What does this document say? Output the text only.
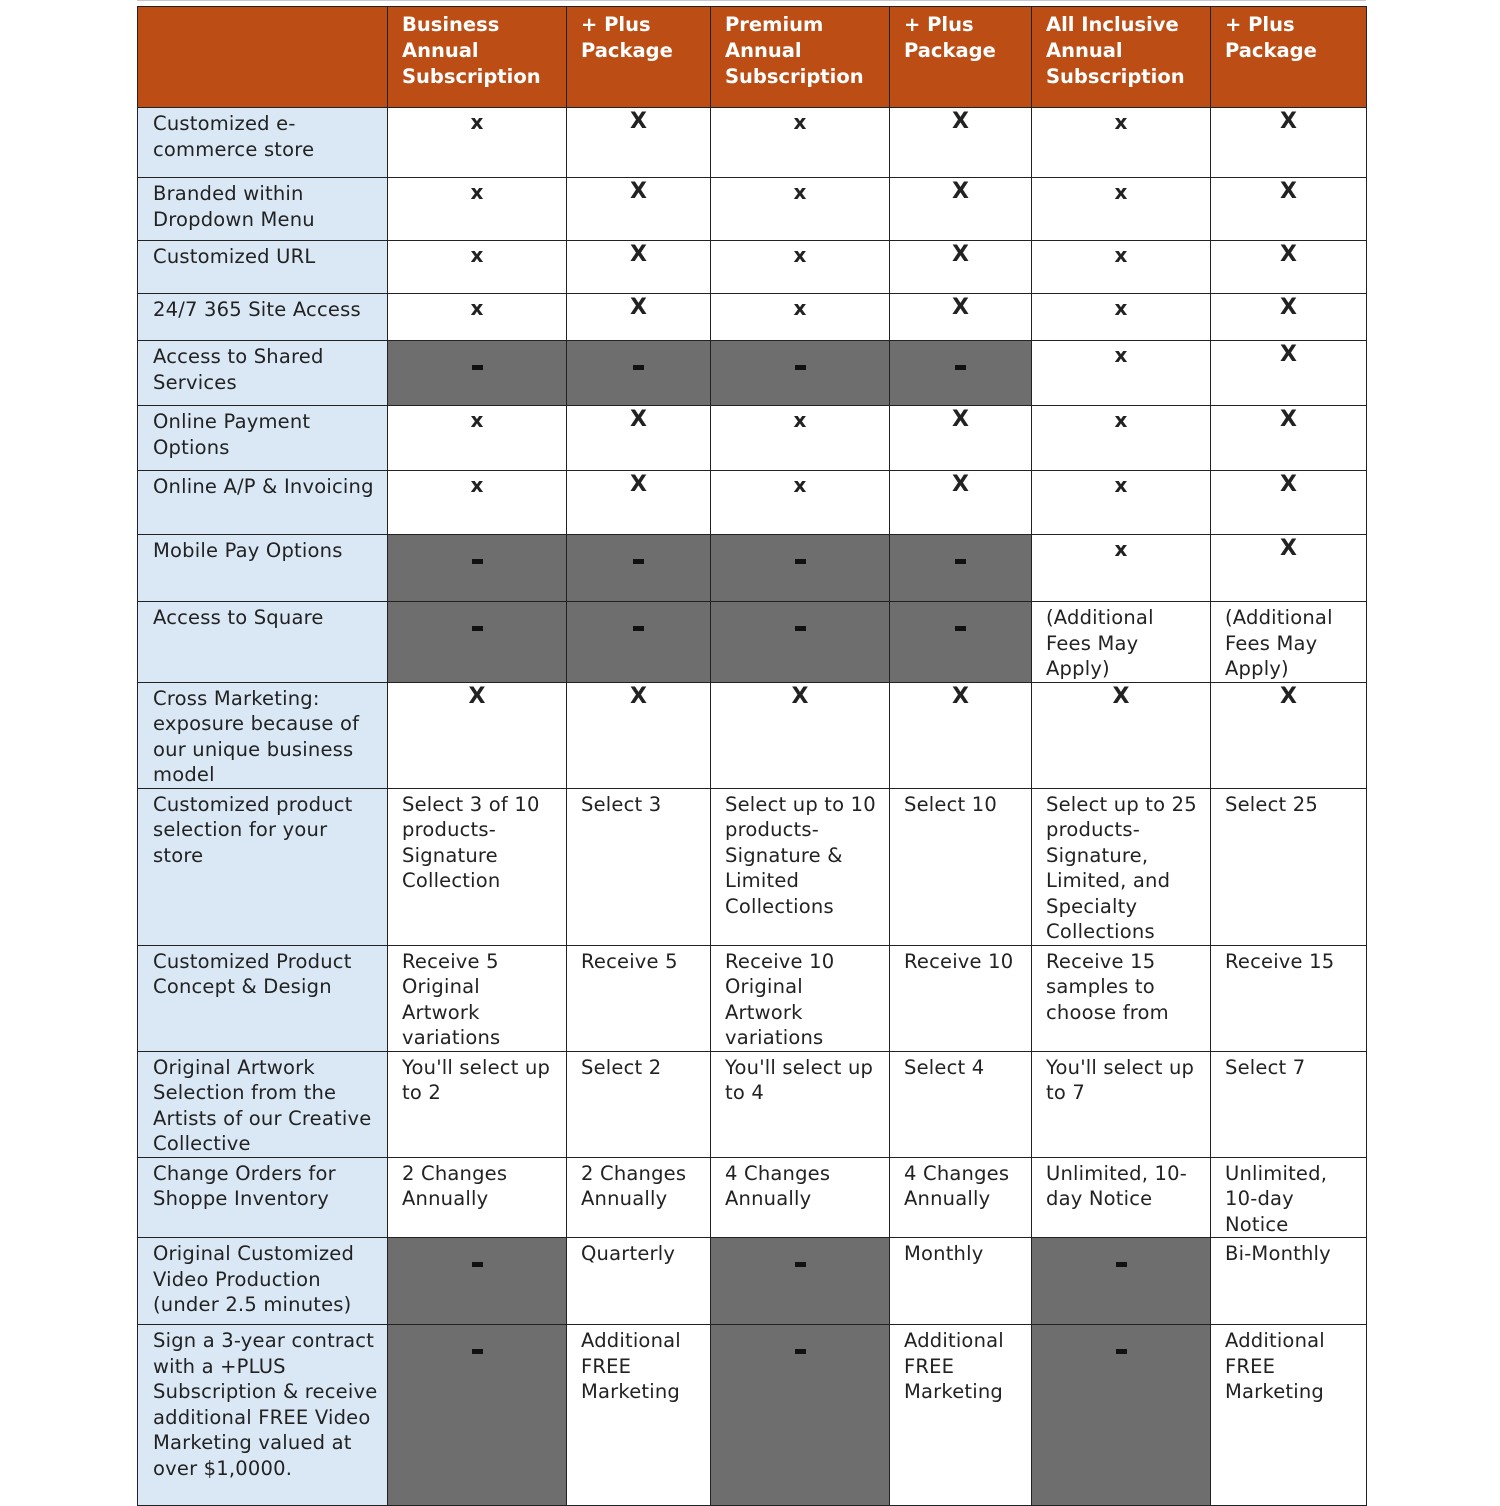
	Business Annual Subscription	+ Plus Package	Premium Annual Subscription	+ Plus Package	All Inclusive Annual Subscription	+ Plus Package
Customized e-commerce store	x	X	x	X	x	X
Branded within Dropdown Menu	x	X	x	X	x	X
Customized URL	x	X	x	X	x	X
24/7 365 Site Access	x	X	x	X	x	X
Access to Shared Services					x	X
Online Payment Options	x	X	x	X	x	X
Online A/P & Invoicing	x	X	x	X	x	X
Mobile Pay Options					x	X
Access to Square					(Additional Fees May Apply)	(Additional Fees May Apply)
Cross Marketing: exposure because of our unique business model	X	X	X	X	X	X
Customized product selection for your store	Select 3 of 10 products- Signature Collection	Select 3	Select up to 10 products- Signature & Limited Collections	Select 10	Select up to 25 products- Signature, Limited, and Specialty Collections	Select 25
Customized Product Concept & Design	Receive 5 Original Artwork variations	Receive 5	Receive 10 Original Artwork variations	Receive 10	Receive 15 samples to choose from	Receive 15
Original Artwork Selection from the Artists of our Creative Collective	You'll select up to 2	Select 2	You'll select up to 4	Select 4	You'll select up to 7	Select 7
Change Orders for Shoppe Inventory	2 Changes Annually	2 Changes Annually	4 Changes Annually	4 Changes Annually	Unlimited, 10-day Notice	Unlimited, 10-day Notice
Original Customized Video Production (under 2.5 minutes)		Quarterly		Monthly		Bi-Monthly
Sign a 3-year contract with a +PLUS Subscription & receive additional FREE Video Marketing valued at over $1,0000.		Additional FREE Marketing		Additional FREE Marketing		Additional FREE Marketing
